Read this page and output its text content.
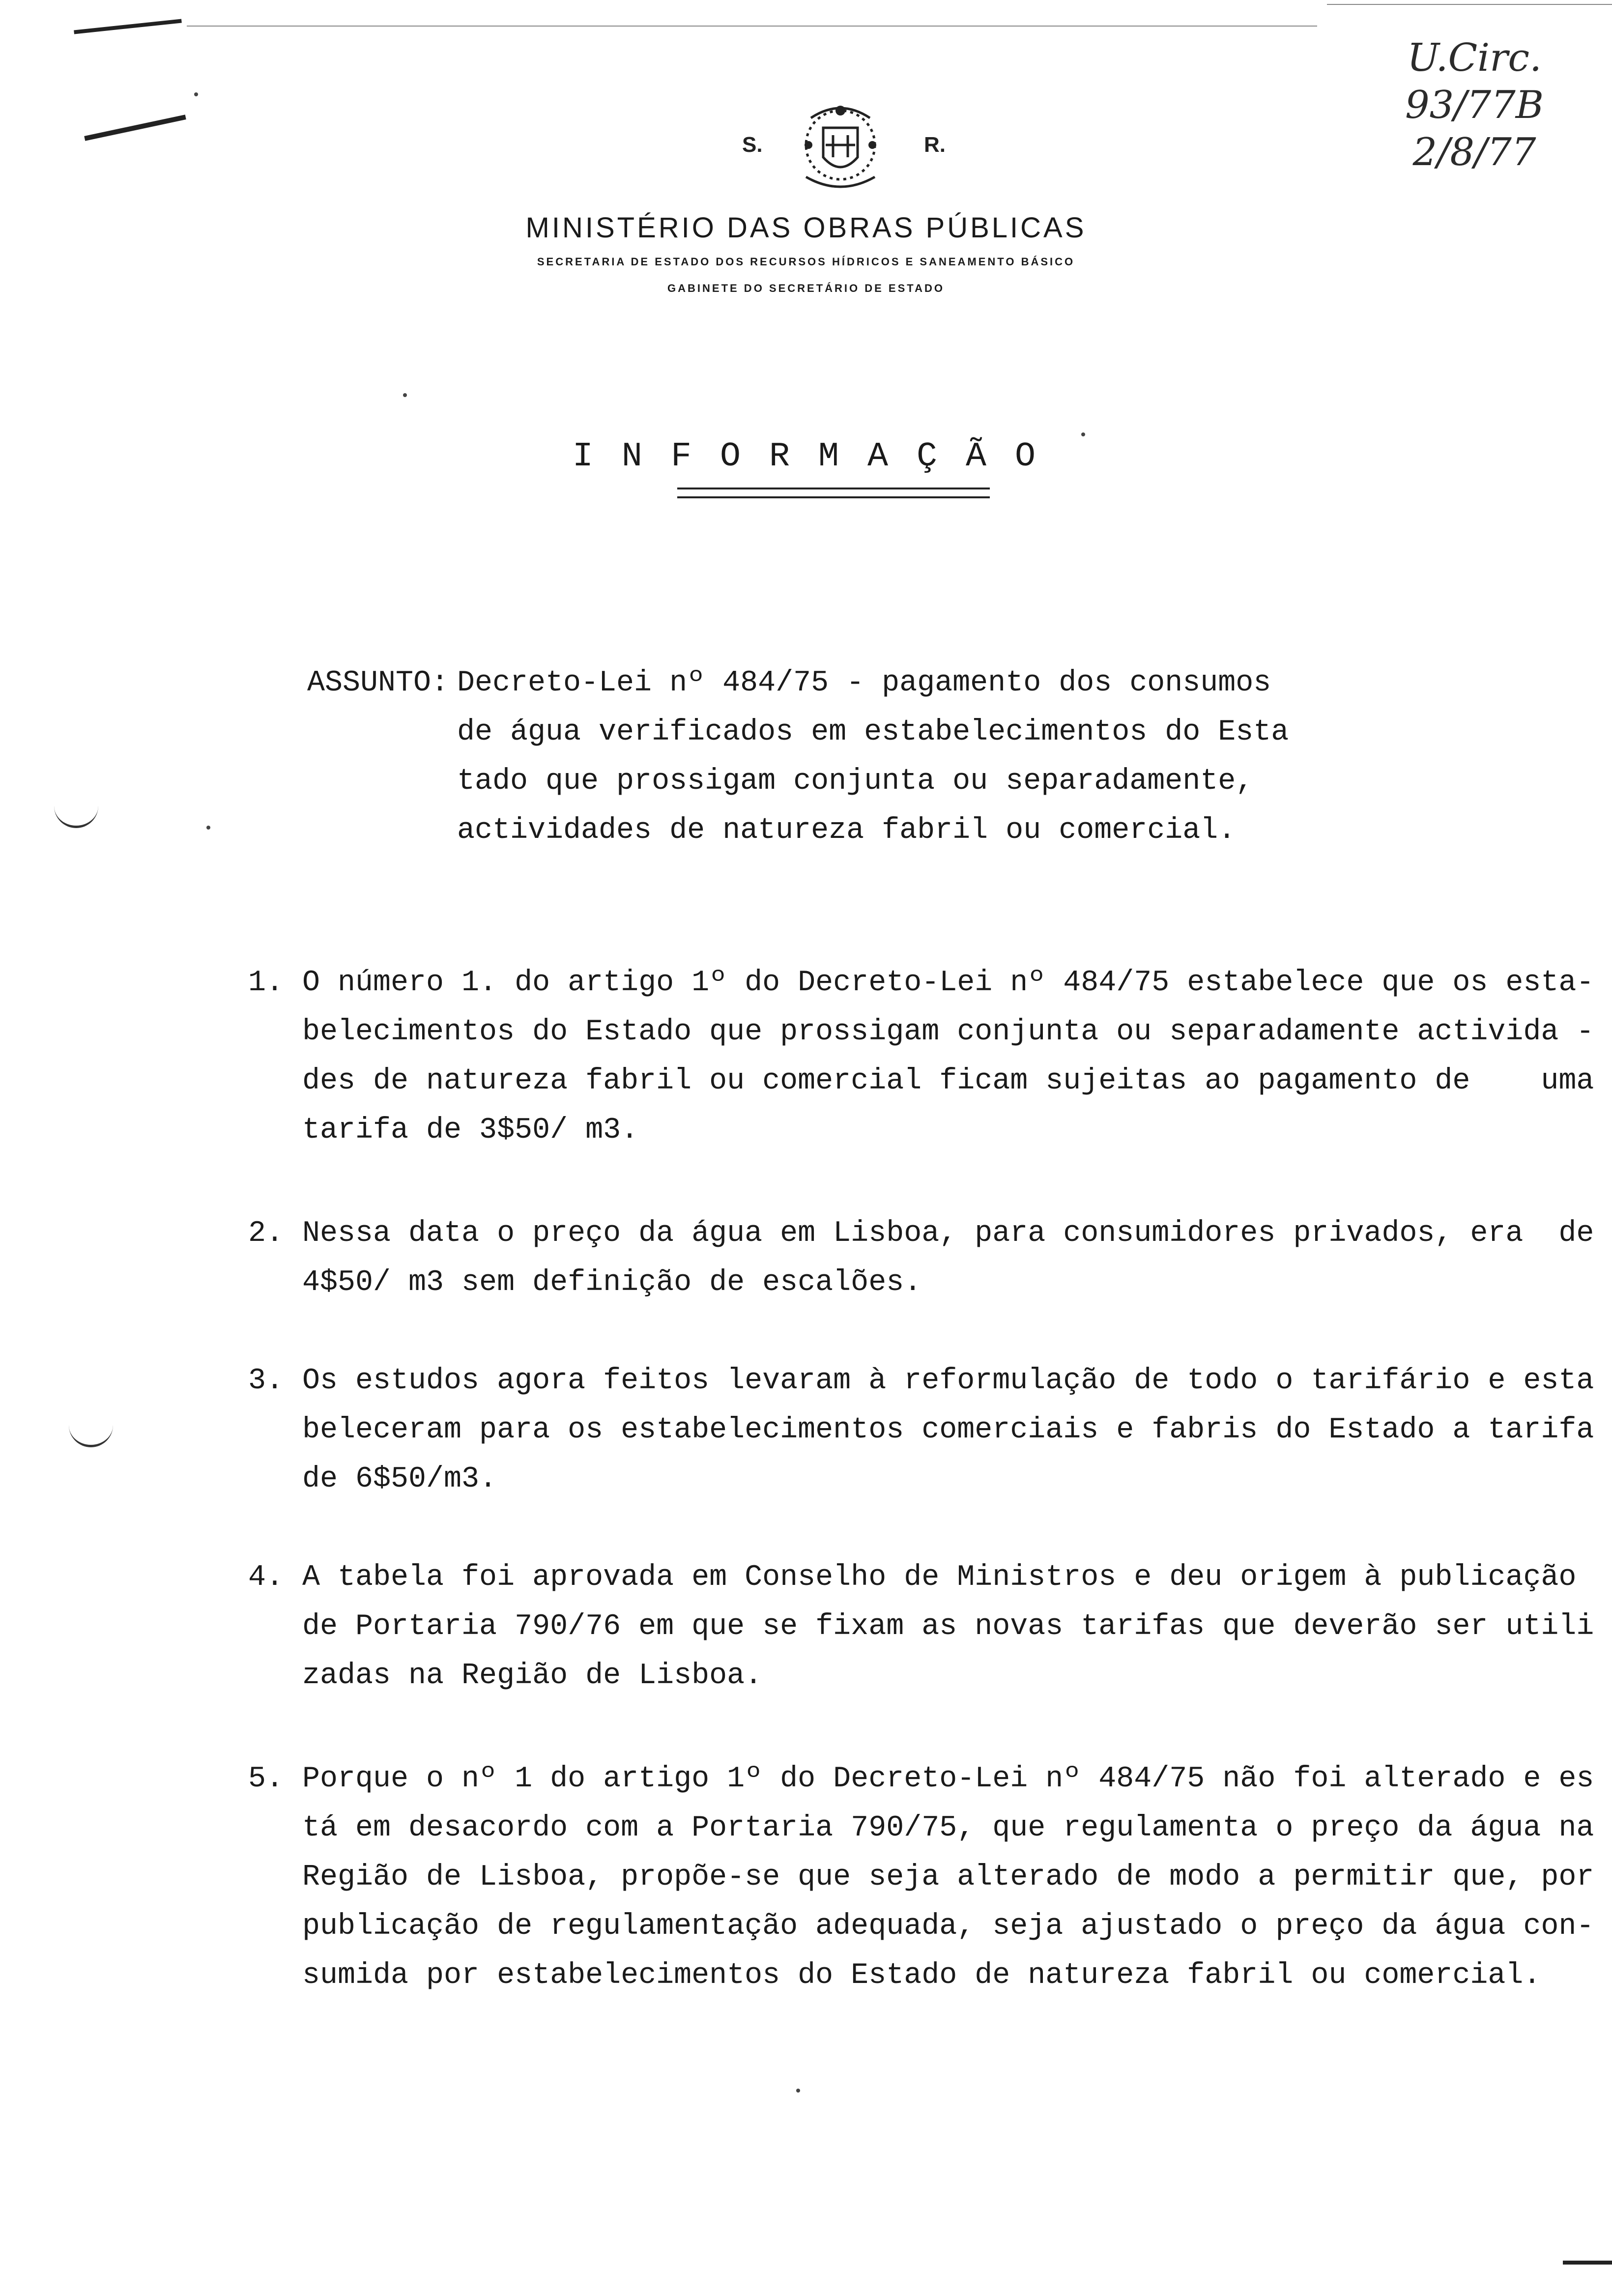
U.Circ. 93/77B
2/8/77
S.	R.
MINISTÉRIO DAS OBRAS PÚBLICAS
SECRETARIA DE ESTADO DOS RECURSOS HÍDRICOS E SANEAMENTO BÁSICO
GABINETE DO SECRETÁRIO DE ESTADO
I N F O R M A Ç Ã O
ASSUNTO: Decreto-Lei nº 484/75 - pagamento dos consumos
de água verificados em estabelecimentos do Esta
tado que prossigam conjunta ou separadamente,
actividades de natureza fabril ou comercial.
1. O número 1. do artigo 1º do Decreto-Lei nº 484/75 estabelece que os esta-
belecimentos do Estado que prossigam conjunta ou separadamente activida -
des de natureza fabril ou comercial ficam sujeitas ao pagamento de    uma
tarifa de 3$50/ m3.
2. Nessa data o preço da água em Lisboa, para consumidores privados, era  de
4$50/ m3 sem definição de escalões.
3. Os estudos agora feitos levaram à reformulação de todo o tarifário e esta
beleceram para os estabelecimentos comerciais e fabris do Estado a tarifa
de 6$50/m3.
4. A tabela foi aprovada em Conselho de Ministros e deu origem à publicação
de Portaria 790/76 em que se fixam as novas tarifas que deverão ser utili
zadas na Região de Lisboa.
5. Porque o nº 1 do artigo 1º do Decreto-Lei nº 484/75 não foi alterado e es
tá em desacordo com a Portaria 790/75, que regulamenta o preço da água na
Região de Lisboa, propõe-se que seja alterado de modo a permitir que, por
publicação de regulamentação adequada, seja ajustado o preço da água con-
sumida por estabelecimentos do Estado de natureza fabril ou comercial.
